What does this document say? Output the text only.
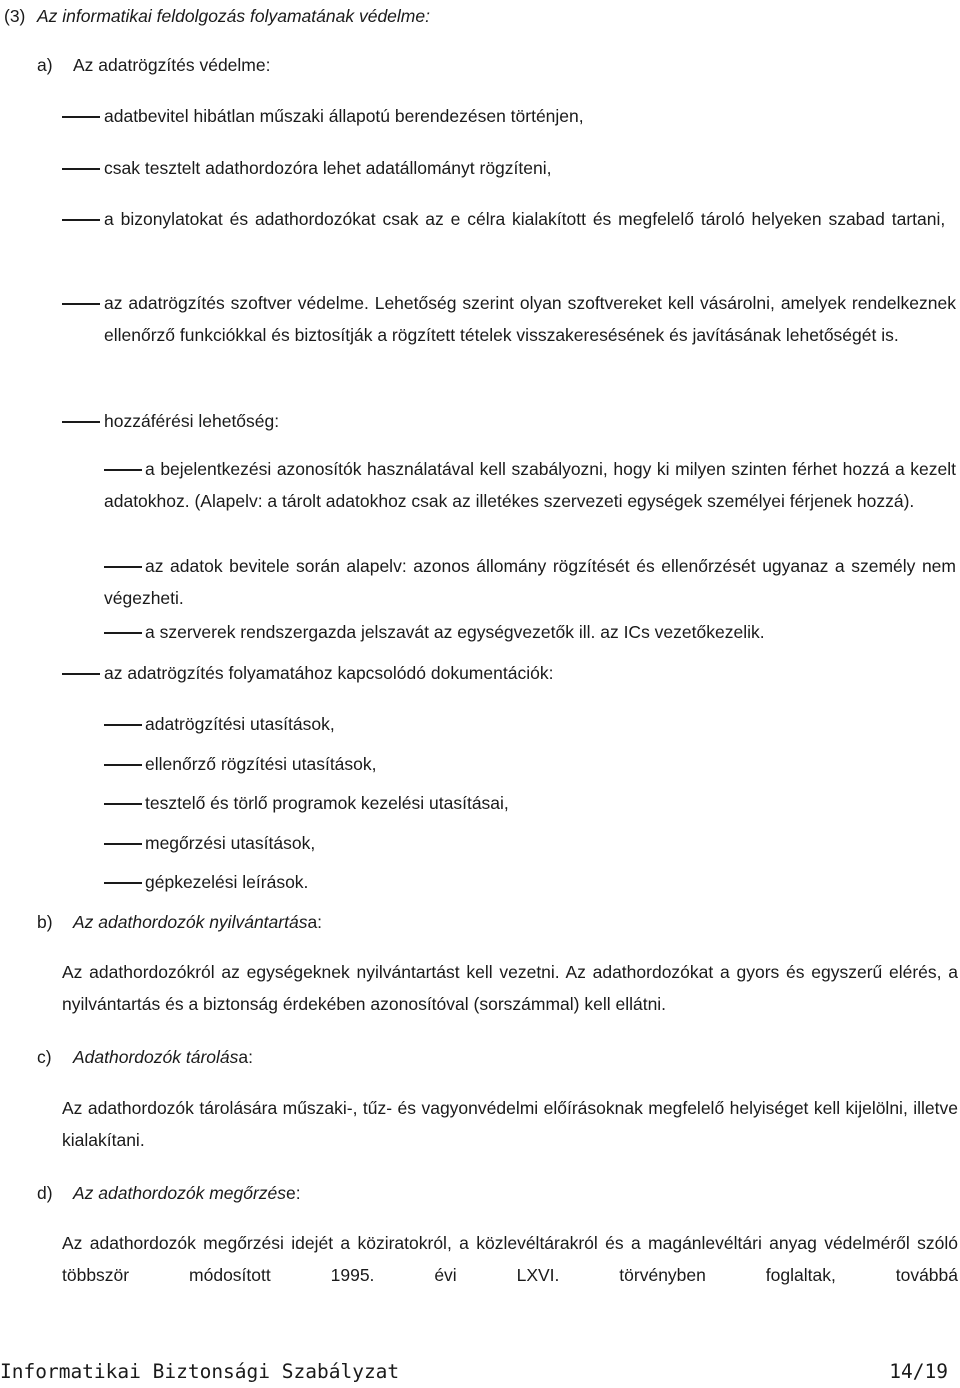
(3) Az informatikai feldolgozás folyamatának védelme:
a) Az adatrögzítés védelme:
adatbevitel hibátlan műszaki állapotú berendezésen történjen,
csak tesztelt adathordozóra lehet adatállományt rögzíteni,
a bizonylatokat és adathordozókat csak az e célra kialakított és megfelelő tároló helyeken szabad tartani,
az adatrögzítés szoftver védelme. Lehetőség szerint olyan szoftvereket kell vásárolni, amelyek rendelkeznek ellenőrző funkciókkal és biztosítják a rögzített tételek visszakeresésének és javításának lehetőségét is.
hozzáférési lehetőség:
a bejelentkezési azonosítók használatával kell szabályozni, hogy ki milyen szinten férhet hozzá a kezelt adatokhoz. (Alapelv: a tárolt adatokhoz csak az illetékes szervezeti egységek személyei férjenek hozzá).
az adatok bevitele során alapelv: azonos állomány rögzítését és ellenőrzését ugyanaz a személy nem végezheti.
a szerverek rendszergazda jelszavát az egységvezetők ill. az ICs vezetőkezelik.
az adatrögzítés folyamatához kapcsolódó dokumentációk:
adatrögzítési utasítások,
ellenőrző rögzítési utasítások,
tesztelő és törlő programok kezelési utasításai,
megőrzési utasítások,
gépkezelési leírások.
b) Az adathordozók nyilvántartása:
Az adathordozókról az egységeknek nyilvántartást kell vezetni. Az adathordozókat a gyors és egyszerű elérés, a nyilvántartás és a biztonság érdekében azonosítóval (sorszámmal) kell ellátni.
c) Adathordozók tárolása:
Az adathordozók tárolására műszaki-, tűz- és vagyonvédelmi előírásoknak megfelelő helyiséget kell kijelölni, illetve kialakítani.
d) Az adathordozók megőrzése:
Az adathordozók megőrzési idejét a köziratokról, a közlevéltárakról és a magánlevéltári anyag védelméről szóló többször módosított 1995. évi LXVI. törvényben foglaltak, továbbá
Informatikai Biztonsági Szabályzat	14/19
